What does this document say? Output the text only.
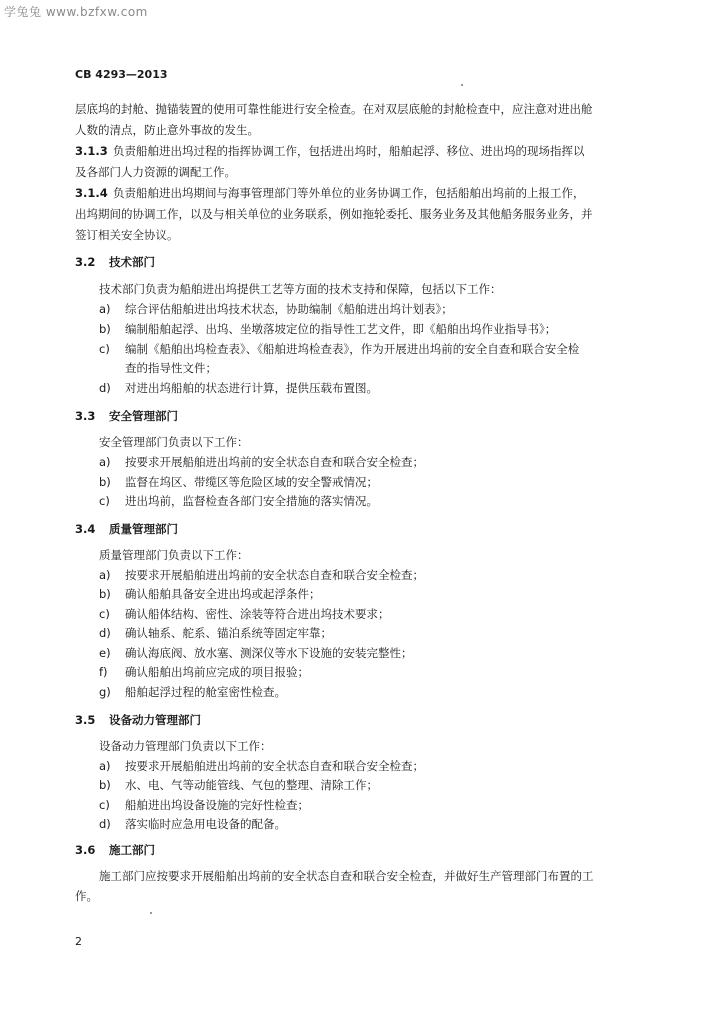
学兔兔 www.bzfxw.com
CB 4293—2013
层底坞的封舱、抛锚装置的使用可靠性能进行安全检查。在对双层底舱的封舱检查中，应注意对进出舱
人数的清点，防止意外事故的发生。
3.1.3 负责船舶进出坞过程的指挥协调工作，包括进出坞时，船舶起浮、移位、进出坞的现场指挥以
及各部门人力资源的调配工作。
3.1.4 负责船舶进出坞期间与海事管理部门等外单位的业务协调工作，包括船舶出坞前的上报工作，
出坞期间的协调工作，以及与相关单位的业务联系，例如拖轮委托、服务业务及其他船务服务业务，并
签订相关安全协议。
3.2 技术部门
技术部门负责为船舶进出坞提供工艺等方面的技术支持和保障，包括以下工作：
a) 综合评估船舶进出坞技术状态，协助编制《船舶进出坞计划表》；
b) 编制船舶起浮、出坞、坐墩落坡定位的指导性工艺文件，即《船舶出坞作业指导书》；
c) 编制《船舶出坞检查表》、《船舶进坞检查表》，作为开展进出坞前的安全自查和联合安全检
查的指导性文件；
d) 对进出坞船舶的状态进行计算，提供压载布置图。
3.3 安全管理部门
安全管理部门负责以下工作：
a) 按要求开展船舶进出坞前的安全状态自查和联合安全检查；
b) 监督在坞区、带缆区等危险区域的安全警戒情况；
c) 进出坞前，监督检查各部门安全措施的落实情况。
3.4 质量管理部门
质量管理部门负责以下工作：
a) 按要求开展船舶进出坞前的安全状态自查和联合安全检查；
b) 确认船舶具备安全进出坞或起浮条件；
c) 确认船体结构、密性、涂装等符合进出坞技术要求；
d) 确认轴系、舵系、锚泊系统等固定牢靠；
e) 确认海底阀、放水塞、测深仪等水下设施的安装完整性；
f) 确认船舶出坞前应完成的项目报验；
g) 船舶起浮过程的舱室密性检查。
3.5 设备动力管理部门
设备动力管理部门负责以下工作：
a) 按要求开展船舶进出坞前的安全状态自查和联合安全检查；
b) 水、电、气等动能管线、气包的整理、清除工作；
c) 船舶进出坞设备设施的完好性检查；
d) 落实临时应急用电设备的配备。
3.6 施工部门
施工部门应按要求开展船舶出坞前的安全状态自查和联合安全检查，并做好生产管理部门布置的工
作。
2
